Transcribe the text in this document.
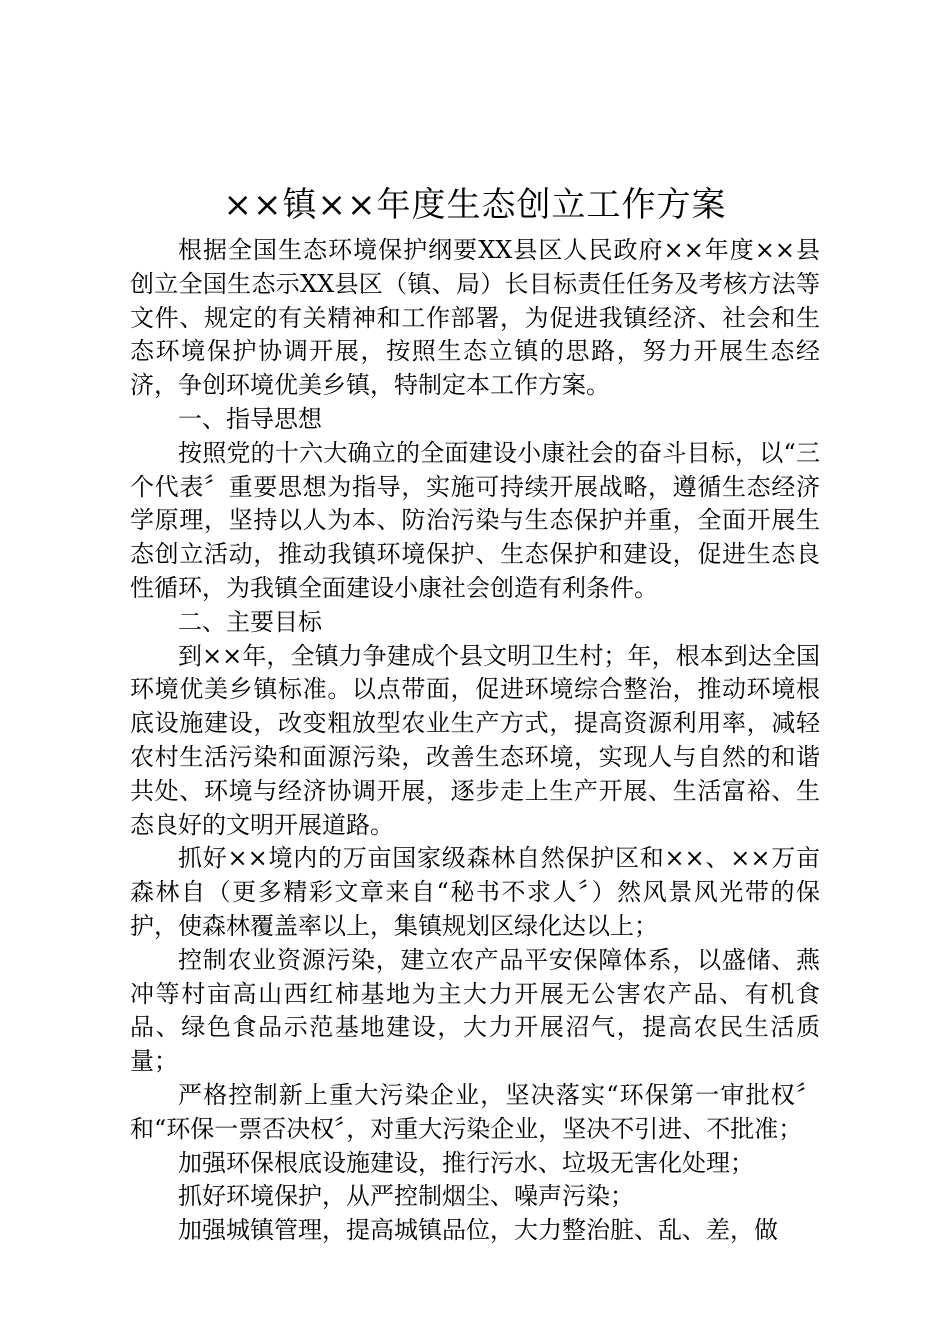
××镇××年度生态创立工作方案

根据全国生态环境保护纲要XX县区人民政府××年度××县创立全国生态示XX县区（镇、局）长目标责任任务及考核方法等文件、规定的有关精神和工作部署，为促进我镇经济、社会和生态环境保护协调开展，按照生态立镇的思路，努力开展生态经济，争创环境优美乡镇，特制定本工作方案。

一、指导思想

按照党的十六大确立的全面建设小康社会的奋斗目标，以“三个代表〞重要思想为指导，实施可持续开展战略，遵循生态经济学原理，坚持以人为本、防治污染与生态保护并重，全面开展生态创立活动，推动我镇环境保护、生态保护和建设，促进生态良性循环，为我镇全面建设小康社会创造有利条件。

二、主要目标

到××年，全镇力争建成个县文明卫生村；年，根本到达全国环境优美乡镇标准。以点带面，促进环境综合整治，推动环境根底设施建设，改变粗放型农业生产方式，提高资源利用率，减轻农村生活污染和面源污染，改善生态环境，实现人与自然的和谐共处、环境与经济协调开展，逐步走上生产开展、生活富裕、生态良好的文明开展道路。

抓好××境内的万亩国家级森林自然保护区和××、××万亩森林自（更多精彩文章来自“秘书不求人〞）然风景风光带的保护，使森林覆盖率以上，集镇规划区绿化达以上；

控制农业资源污染，建立农产品平安保障体系，以盛储、燕冲等村亩高山西红柿基地为主大力开展无公害农产品、有机食品、绿色食品示范基地建设，大力开展沼气，提高农民生活质量；

严格控制新上重大污染企业，坚决落实“环保第一审批权〞和“环保一票否决权〞，对重大污染企业，坚决不引进、不批准；

加强环保根底设施建设，推行污水、垃圾无害化处理；

抓好环境保护，从严控制烟尘、噪声污染；

加强城镇管理，提高城镇品位，大力整治脏、乱、差，做
